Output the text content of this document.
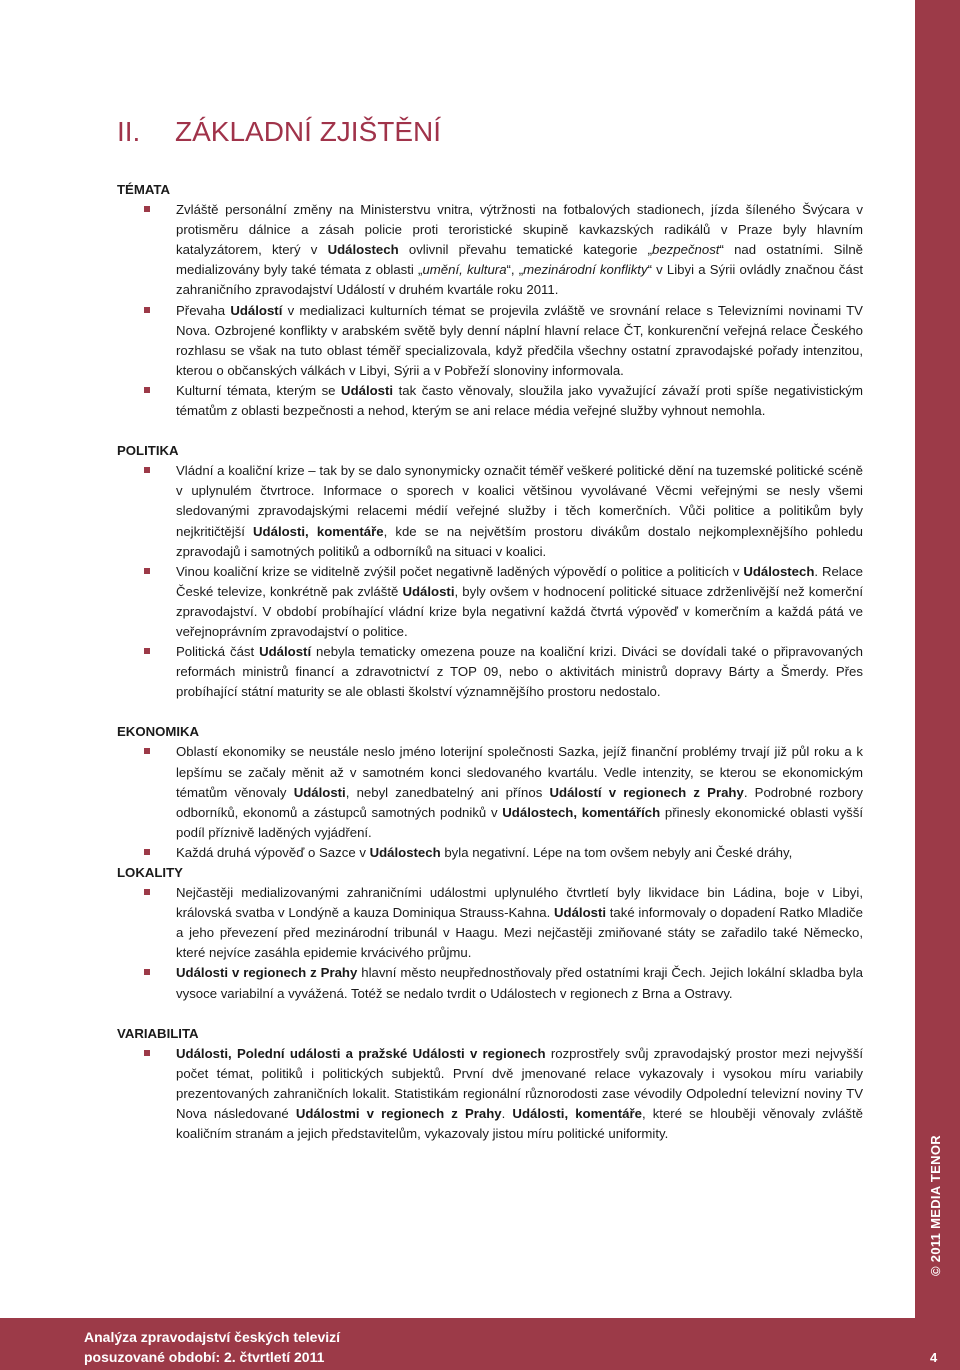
© 2011 MEDIA TENOR
II. ZÁKLADNÍ ZJIŠTĚNÍ
TÉMATA
Zvláště personální změny na Ministerstvu vnitra, výtržnosti na fotbalových stadionech, jízda šíleného Švýcara v protisměru dálnice a zásah policie proti teroristické skupině kavkazských radikálů v Praze byly hlavním katalyzátorem, který v Událostech ovlivnil převahu tematické kategorie „bezpečnost“ nad ostatními. Silně medializovány byly také témata z oblasti „umění, kultura“, „mezinárodní konflikty“ v Libyi a Sýrii ovládly značnou část zahraničního zpravodajství Událostí v druhém kvartále roku 2011.
Převaha Událostí v medializaci kulturních témat se projevila zvláště ve srovnání relace s Televizními novinami TV Nova. Ozbrojené konflikty v arabském světě byly denní náplní hlavní relace ČT, konkurenční veřejná relace Českého rozhlasu se však na tuto oblast téměř specializovala, když předčila všechny ostatní zpravodajské pořady intenzitou, kterou o občanských válkách v Libyi, Sýrii a v Pobřeží slonoviny informovala.
Kulturní témata, kterým se Události tak často věnovaly, sloužila jako vyvažující závaží proti spíše negativistickým tématům z oblasti bezpečnosti a nehod, kterým se ani relace média veřejné služby vyhnout nemohla.
POLITIKA
Vládní a koaliční krize – tak by se dalo synonymicky označit téměř veškeré politické dění na tuzemské politické scéně v uplynulém čtvrtroce. Informace o sporech v koalici většinou vyvolávané Věcmi veřejnými se nesly všemi sledovanými zpravodajskými relacemi médií veřejné služby i těch komerčních. Vůči politice a politikům byly nejkritičtější Události, komentáře, kde se na největším prostoru divákům dostalo nejkomplexnějšího pohledu zpravodajů i samotných politiků a odborníků na situaci v koalici.
Vinou koaliční krize se viditelně zvýšil počet negativně laděných výpovědí o politice a politicích v Událostech. Relace České televize, konkrétně pak zvláště Události, byly ovšem v hodnocení politické situace zdrženlivější než komerční zpravodajství. V období probíhající vládní krize byla negativní každá čtvrtá výpověď v komerčním a každá pátá ve veřejnoprávním zpravodajství o politice.
Politická část Událostí nebyla tematicky omezena pouze na koaliční krizi. Diváci se dovídali také o připravovaných reformách ministrů financí a zdravotnictví z TOP 09, nebo o aktivitách ministrů dopravy Bárty a Šmerdy. Přes probíhající státní maturity se ale oblasti školství významnějšího prostoru nedostalo.
EKONOMIKA
Oblastí ekonomiky se neustále neslo jméno loterijní společnosti Sazka, jejíž finanční problémy trvají již půl roku a k lepšímu se začaly měnit až v samotném konci sledovaného kvartálu. Vedle intenzity, se kterou se ekonomickým tématům věnovaly Události, nebyl zanedbatelný ani přínos Událostí v regionech z Prahy. Podrobné rozbory odborníků, ekonomů a zástupců samotných podniků v Událostech, komentářích přinesly ekonomické oblasti vyšší podíl příznivě laděných vyjádření.
Každá druhá výpověď o Sazce v Událostech byla negativní. Lépe na tom ovšem nebyly ani České dráhy,
LOKALITY
Nejčastěji medializovanými zahraničními událostmi uplynulého čtvrtletí byly likvidace bin Ládina, boje v Libyi, královská svatba v Londýně a kauza Dominiqua Strauss-Kahna. Události také informovaly o dopadení Ratko Mladiče a jeho převezení před mezinárodní tribunál v Haagu. Mezi nejčastěji zmiňované státy se zařadilo také Německo, které nejvíce zasáhla epidemie krvácivého průjmu.
Události v regionech z Prahy hlavní město neupřednostňovaly před ostatními kraji Čech. Jejich lokální skladba byla vysoce variabilní a vyvážená. Totéž se nedalo tvrdit o Událostech v regionech z Brna a Ostravy.
VARIABILITA
Události, Polední události a pražské Události v regionech rozprostřely svůj zpravodajský prostor mezi nejvyšší počet témat, politiků i politických subjektů. První dvě jmenované relace vykazovaly i vysokou míru variabily prezentovaných zahraničních lokalit. Statistikám regionální různorodosti zase vévodily Odpolední televizní noviny TV Nova následované Událostmi v regionech z Prahy. Události, komentáře, které se hlouběji věnovaly zvláště koaličním stranám a jejich představitelům, vykazovaly jistou míru politické uniformity.
Analýza zpravodajství českých televizí
posuzované období: 2. čtvrtletí 2011	4
